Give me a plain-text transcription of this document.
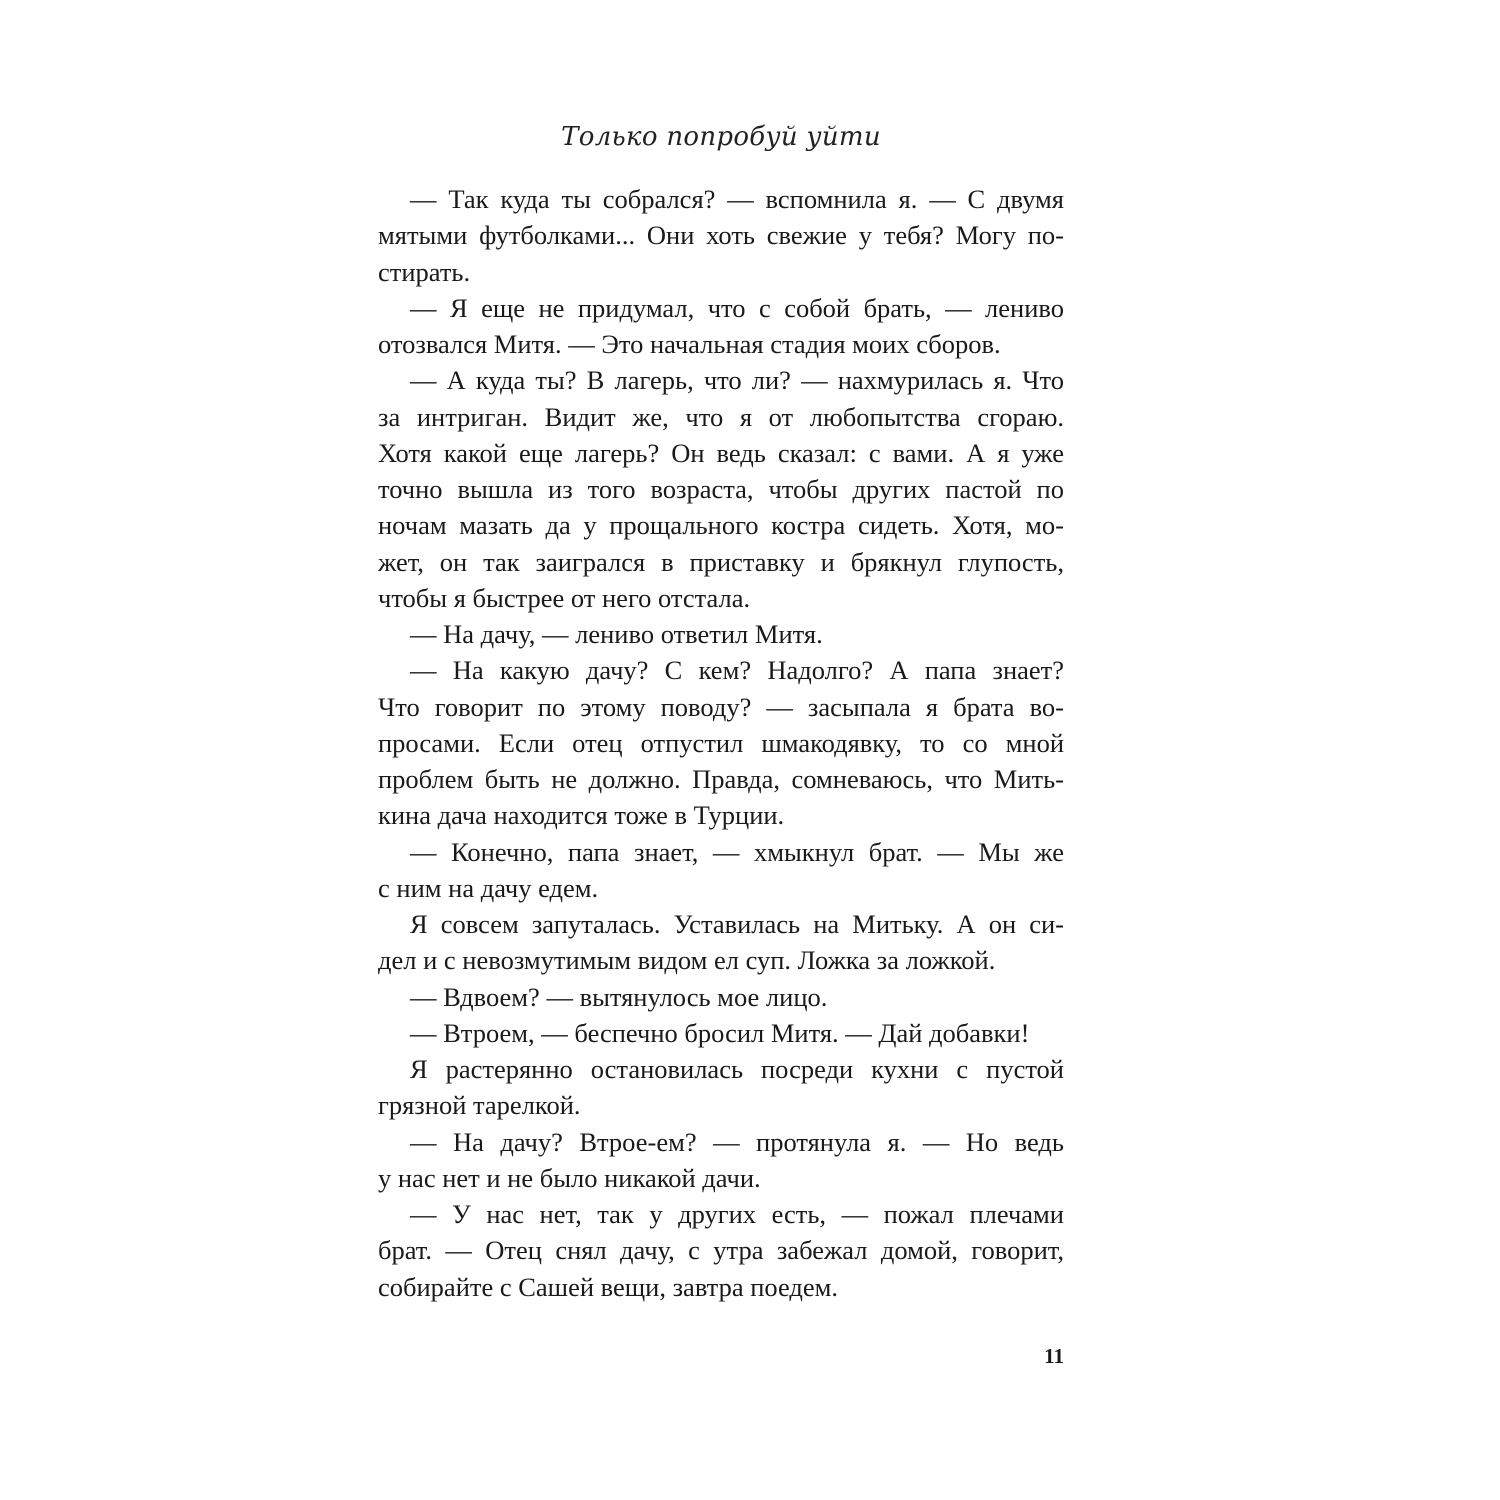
Только попробуй уйти
— Так куда ты собрался? — вспомнила я. — С двумя
мятыми футболками... Они хоть свежие у тебя? Могу по-
стирать.
— Я еще не придумал, что с собой брать, — лениво
отозвался Митя. — Это начальная стадия моих сборов.
— А куда ты? В лагерь, что ли? — нахмурилась я. Что
за интриган. Видит же, что я от любопытства сгораю.
Хотя какой еще лагерь? Он ведь сказал: с вами. А я уже
точно вышла из того возраста, чтобы других пастой по
ночам мазать да у прощального костра сидеть. Хотя, мо-
жет, он так заигрался в приставку и брякнул глупость,
чтобы я быстрее от него отстала.
— На дачу, — лениво ответил Митя.
— На какую дачу? С кем? Надолго? А папа знает?
Что говорит по этому поводу? — засыпала я брата во-
просами. Если отец отпустил шмакодявку, то со мной
проблем быть не должно. Правда, сомневаюсь, что Мить-
кина дача находится тоже в Турции.
— Конечно, папа знает, — хмыкнул брат. — Мы же
с ним на дачу едем.
Я совсем запуталась. Уставилась на Митьку. А он си-
дел и с невозмутимым видом ел суп. Ложка за ложкой.
— Вдвоем? — вытянулось мое лицо.
— Втроем, — беспечно бросил Митя. — Дай добавки!
Я растерянно остановилась посреди кухни с пустой
грязной тарелкой.
— На дачу? Втрое-ем? — протянула я. — Но ведь
у нас нет и не было никакой дачи.
— У нас нет, так у других есть, — пожал плечами
брат. — Отец снял дачу, с утра забежал домой, говорит,
собирайте с Сашей вещи, завтра поедем.
11
